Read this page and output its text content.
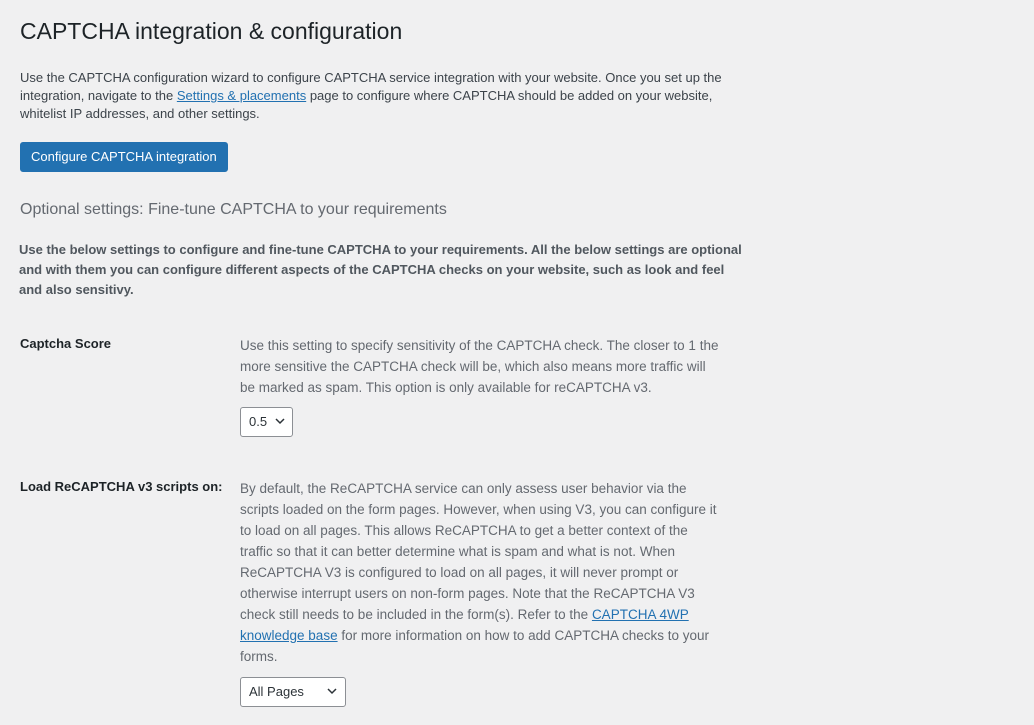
CAPTCHA integration & configuration

Use the CAPTCHA configuration wizard to configure CAPTCHA service integration with your website. Once you set up the integration, navigate to the Settings & placements page to configure where CAPTCHA should be added on your website, whitelist IP addresses, and other settings.

Configure CAPTCHA integration
Optional settings: Fine-tune CAPTCHA to your requirements

Use the below settings to configure and fine-tune CAPTCHA to your requirements. All the below settings are optional and with them you can configure different aspects of the CAPTCHA checks on your website, such as look and feel and also sensitivy.

Captcha Score	Use this setting to specify sensitivity of the CAPTCHA check. The closer to 1 the more sensitive the CAPTCHA check will be, which also means more traffic will be marked as spam. This option is only available for reCAPTCHA v3.

0.5
Load ReCAPTCHA v3 scripts on: By default, the ReCAPTCHA service can only assess user behavior via the scripts loaded on the form pages. However, when using V3, you can configure it to load on all pages. This allows ReCAPTCHA to get a better context of the traffic so that it can better determine what is spam and what is not. When ReCAPTCHA V3 is configured to load on all pages, it will never prompt or otherwise interrupt users on non-form pages. Note that the ReCAPTCHA V3 check still needs to be included in the form(s). Refer to the CAPTCHA 4WP knowledge base for more information on how to add CAPTCHA checks to your forms.

All Pages
